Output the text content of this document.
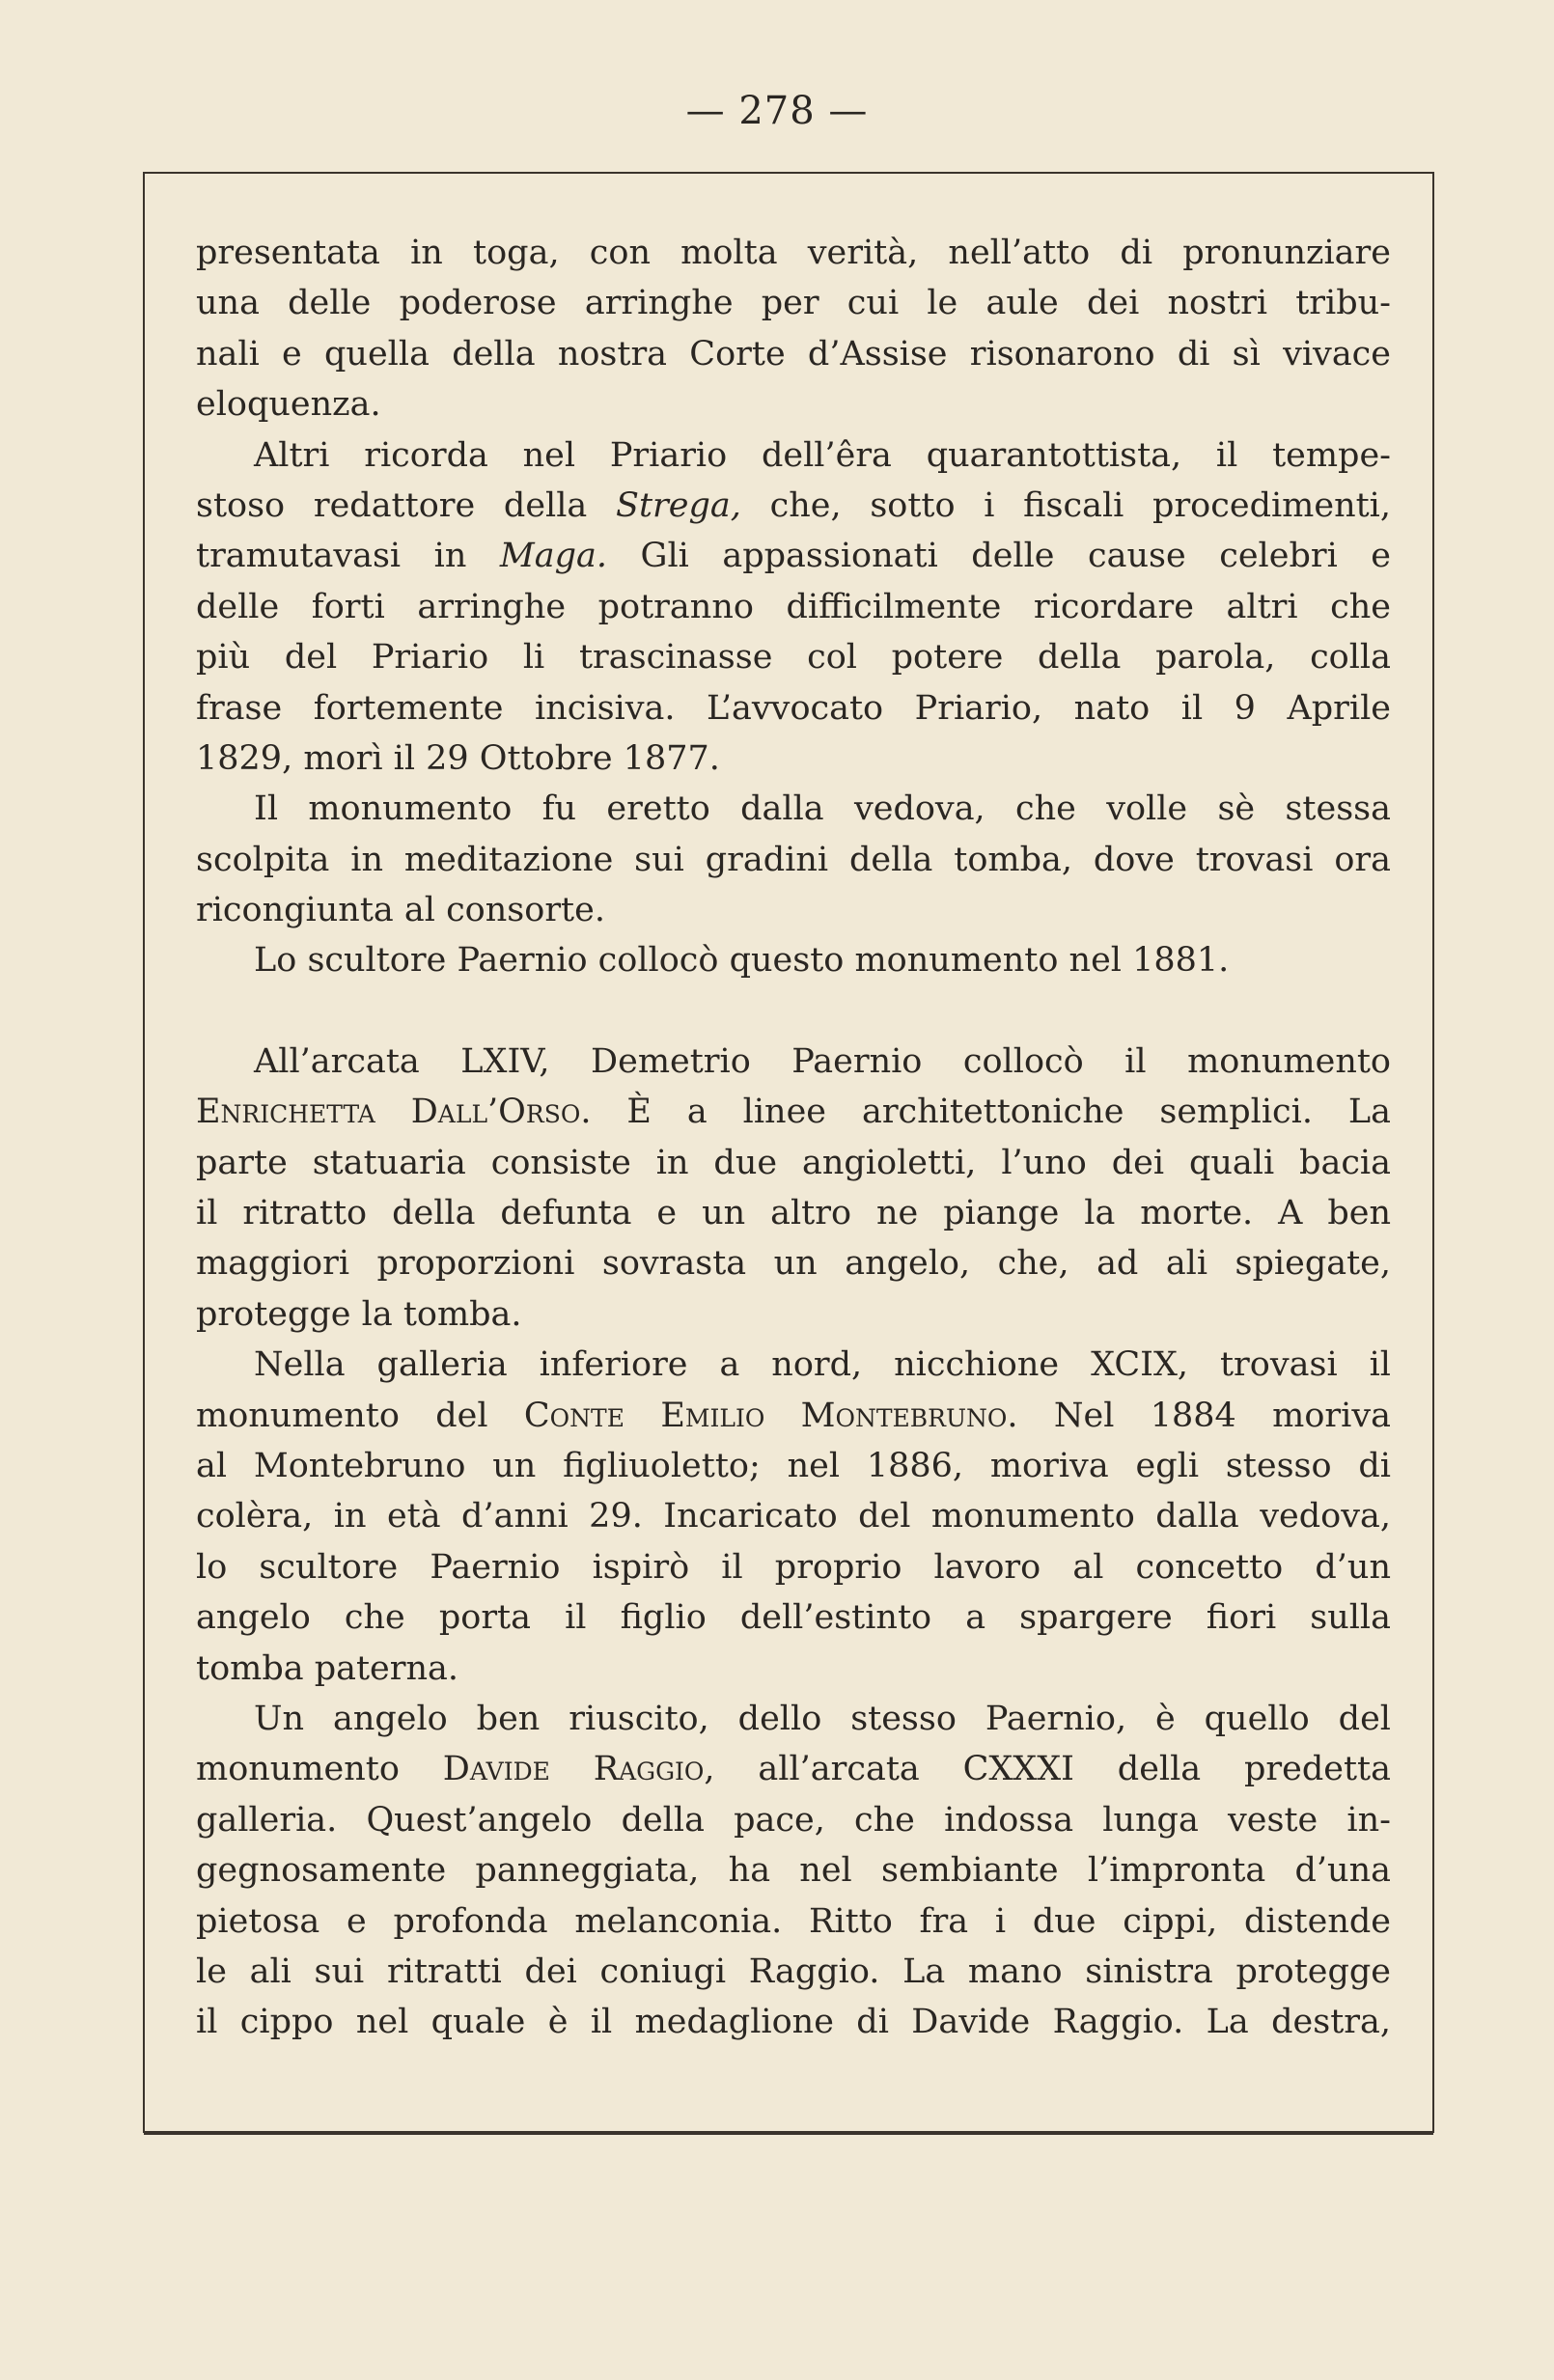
— 278 —
presentata in toga, con molta verità, nell’atto di pronunziare
una delle poderose arringhe per cui le aule dei nostri tribu-
nali e quella della nostra Corte d’Assise risonarono di sì vivace
eloquenza.
Altri ricorda nel Priario dell’êra quarantottista, il tempe-
stoso redattore della Strega, che, sotto i fiscali procedimenti,
tramutavasi in Maga. Gli appassionati delle cause celebri e
delle forti arringhe potranno difficilmente ricordare altri che
più del Priario li trascinasse col potere della parola, colla
frase fortemente incisiva. L’avvocato Priario, nato il 9 Aprile
1829, morì il 29 Ottobre 1877.
Il monumento fu eretto dalla vedova, che volle sè stessa
scolpita in meditazione sui gradini della tomba, dove trovasi ora
ricongiunta al consorte.
Lo scultore Paernio collocò questo monumento nel 1881.
All’arcata LXIV, Demetrio Paernio collocò il monumento
Enrichetta Dall’Orso. È a linee architettoniche semplici. La
parte statuaria consiste in due angioletti, l’uno dei quali bacia
il ritratto della defunta e un altro ne piange la morte. A ben
maggiori proporzioni sovrasta un angelo, che, ad ali spiegate,
protegge la tomba.
Nella galleria inferiore a nord, nicchione XCIX, trovasi il
monumento del Conte Emilio Montebruno. Nel 1884 moriva
al Montebruno un figliuoletto; nel 1886, moriva egli stesso di
colèra, in età d’anni 29. Incaricato del monumento dalla vedova,
lo scultore Paernio ispirò il proprio lavoro al concetto d’un
angelo che porta il figlio dell’estinto a spargere fiori sulla
tomba paterna.
Un angelo ben riuscito, dello stesso Paernio, è quello del
monumento Davide Raggio, all’arcata CXXXI della predetta
galleria. Quest’angelo della pace, che indossa lunga veste in-
gegnosamente panneggiata, ha nel sembiante l’impronta d’una
pietosa e profonda melanconia. Ritto fra i due cippi, distende
le ali sui ritratti dei coniugi Raggio. La mano sinistra protegge
il cippo nel quale è il medaglione di Davide Raggio. La destra,
